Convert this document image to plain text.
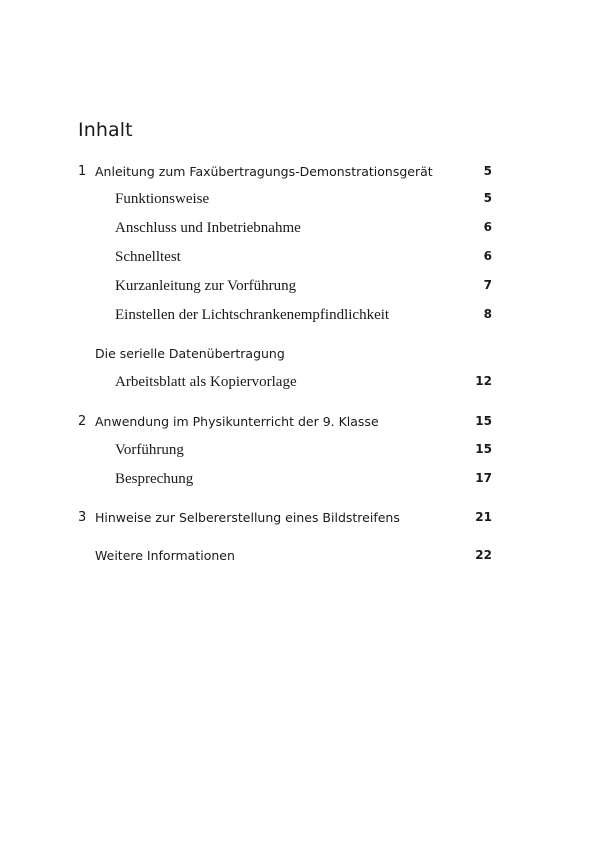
Inhalt
1 Anleitung zum Faxübertragungs-Demonstrationsgerät	5
Funktionsweise	5
Anschluss und Inbetriebnahme	6
Schnelltest	6
Kurzanleitung zur Vorführung	7
Einstellen der Lichtschrankenempfindlichkeit	8
Die serielle Datenübertragung
Arbeitsblatt als Kopiervorlage	12
2 Anwendung im Physikunterricht der 9. Klasse	15
Vorführung	15
Besprechung	17
3 Hinweise zur Selbererstellung eines Bildstreifens	21
Weitere Informationen	22
